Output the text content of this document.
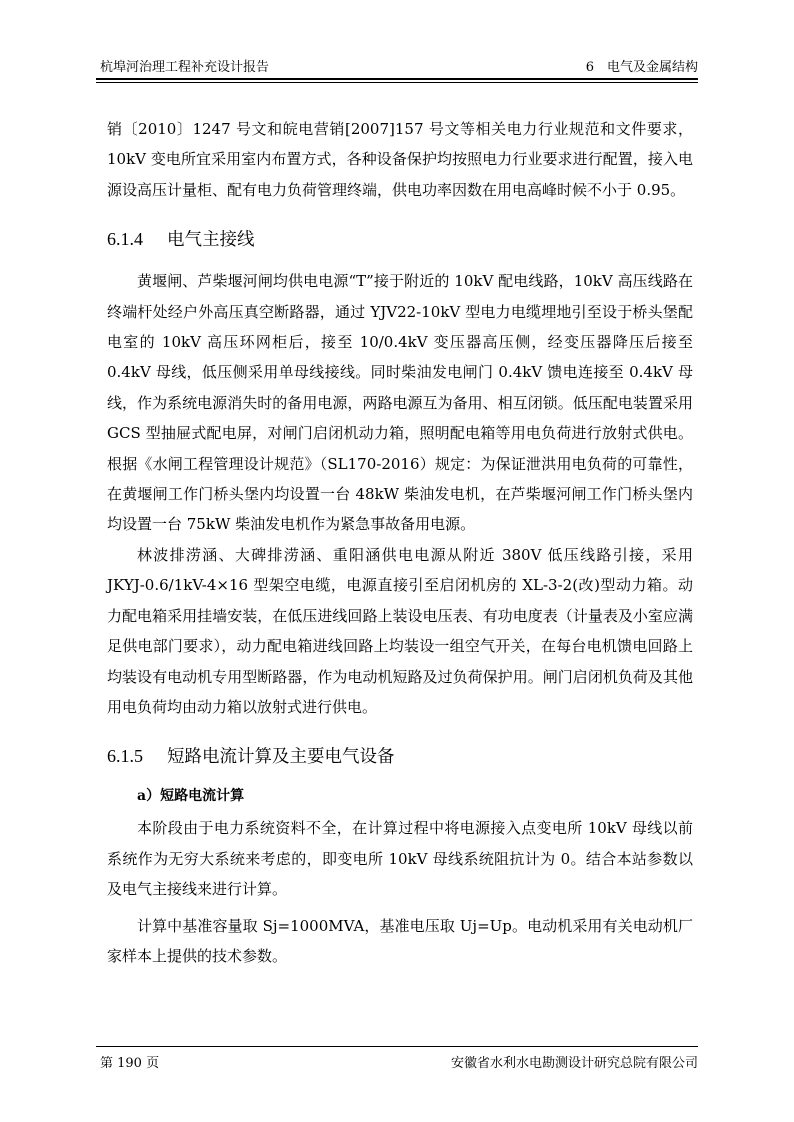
杭埠河治理工程补充设计报告	6　电气及金属结构

销〔2010〕1247 号文和皖电营销[2007]157 号文等相关电力行业规范和文件要求，10kV 变电所宜采用室内布置方式，各种设备保护均按照电力行业要求进行配置，接入电源设高压计量柜、配有电力负荷管理终端，供电功率因数在用电高峰时候不小于 0.95。

6.1.4 电气主接线

黄堰闸、芦柴堰河闸均供电电源“T”接于附近的 10kV 配电线路，10kV 高压线路在终端杆处经户外高压真空断路器，通过 YJV22-10kV 型电力电缆埋地引至设于桥头堡配电室的 10kV 高压环网柜后，接至 10/0.4kV 变压器高压侧，经变压器降压后接至 0.4kV 母线，低压侧采用单母线接线。同时柴油发电闸门 0.4kV 馈电连接至 0.4kV 母线，作为系统电源消失时的备用电源，两路电源互为备用、相互闭锁。低压配电装置采用 GCS 型抽屉式配电屏，对闸门启闭机动力箱，照明配电箱等用电负荷进行放射式供电。根据《水闸工程管理设计规范》（SL170-2016）规定：为保证泄洪用电负荷的可靠性，在黄堰闸工作门桥头堡内均设置一台 48kW 柴油发电机，在芦柴堰河闸工作门桥头堡内均设置一台 75kW 柴油发电机作为紧急事故备用电源。

林波排涝涵、大碑排涝涵、重阳涵供电电源从附近 380V 低压线路引接，采用 JKYJ-0.6/1kV-4×16 型架空电缆，电源直接引至启闭机房的 XL-3-2(改)型动力箱。动力配电箱采用挂墙安装，在低压进线回路上装设电压表、有功电度表（计量表及小室应满足供电部门要求），动力配电箱进线回路上均装设一组空气开关，在每台电机馈电回路上均装设有电动机专用型断路器，作为电动机短路及过负荷保护用。闸门启闭机负荷及其他用电负荷均由动力箱以放射式进行供电。

6.1.5 短路电流计算及主要电气设备
a）短路电流计算

本阶段由于电力系统资料不全，在计算过程中将电源接入点变电所 10kV 母线以前系统作为无穷大系统来考虑的，即变电所 10kV 母线系统阻抗计为 0。结合本站参数以及电气主接线来进行计算。

计算中基准容量取 Sj=1000MVA，基准电压取 Uj=Up。电动机采用有关电动机厂家样本上提供的技术参数。

第 190 页	安徽省水利水电勘测设计研究总院有限公司
